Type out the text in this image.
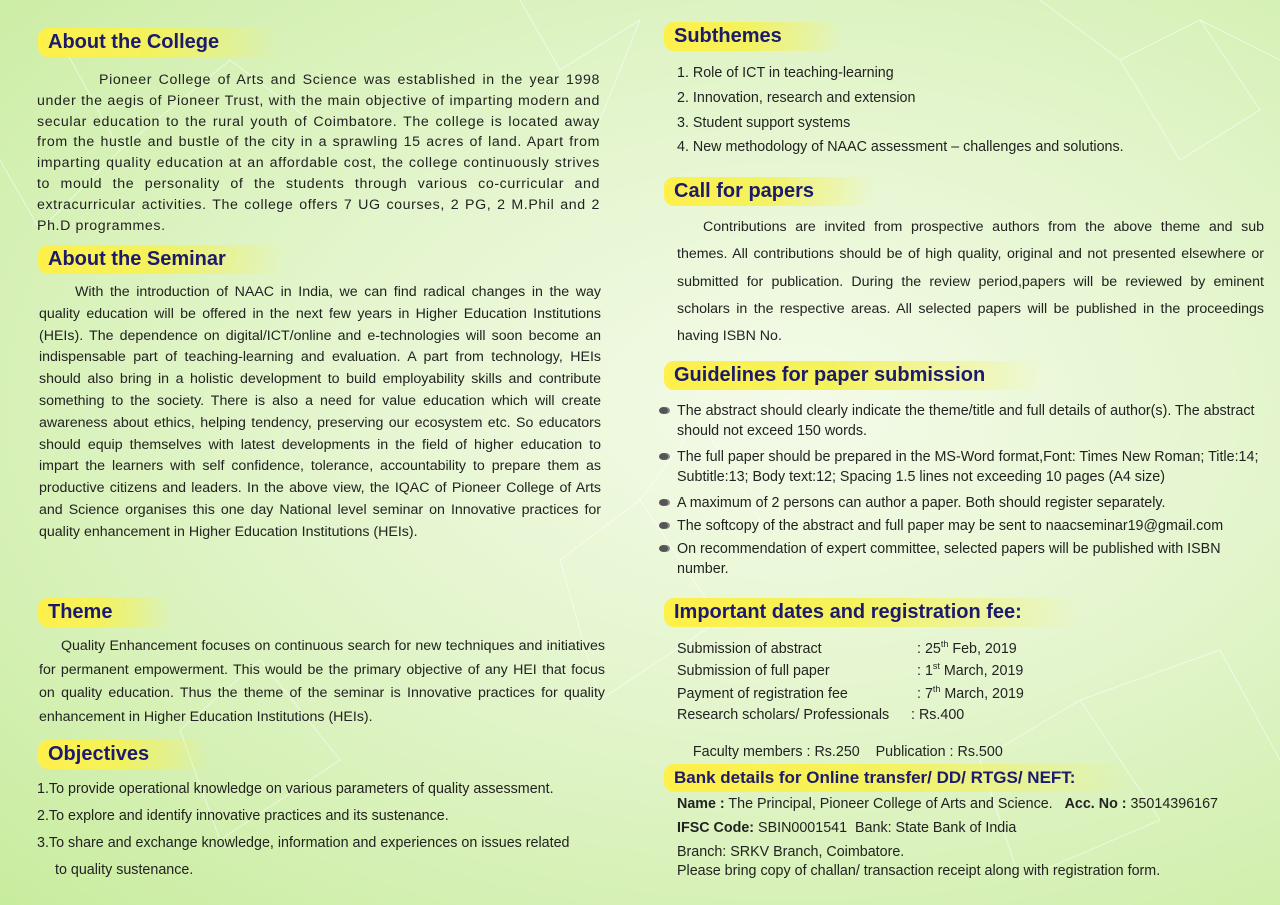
About the College

Pioneer College of Arts and Science was established in the year 1998 under the aegis of Pioneer Trust, with the main objective of imparting modern and secular education to the rural youth of Coimbatore. The college is located away from the hustle and bustle of the city in a sprawling 15 acres of land. Apart from imparting quality education at an affordable cost, the college continuously strives to mould the personality of the students through various co-curricular and extracurricular activities. The college offers 7 UG courses, 2 PG, 2 M.Phil and 2 Ph.D programmes.

About the Seminar

With the introduction of NAAC in India, we can find radical changes in the way quality education will be offered in the next few years in Higher Education Institutions (HEIs). The dependence on digital/ICT/online and e-technologies will soon become an indispensable part of teaching-learning and evaluation. A part from technology, HEIs should also bring in a holistic development to build employability skills and contribute something to the society. There is also a need for value education which will create awareness about ethics, helping tendency, preserving our ecosystem etc. So educators should equip themselves with latest developments in the field of higher education to impart the learners with self confidence, tolerance, accountability to prepare them as productive citizens and leaders. In the above view, the IQAC of Pioneer College of Arts and Science organises this one day National level seminar on Innovative practices for quality enhancement in Higher Education Institutions (HEIs).

Theme

Quality Enhancement focuses on continuous search for new techniques and initiatives for permanent empowerment. This would be the primary objective of any HEI that focus on quality education. Thus the theme of the seminar is Innovative practices for quality enhancement in Higher Education Institutions (HEIs).

Objectives
1.To provide operational knowledge on various parameters of quality assessment.
2.To explore and identify innovative practices and its sustenance.
3.To share and exchange knowledge, information and experiences on issues related
to quality sustenance.
Subthemes
1. Role of ICT in teaching-learning
2. Innovation, research and extension
3. Student support systems
4. New methodology of NAAC assessment – challenges and solutions.
Call for papers

Contributions are invited from prospective authors from the above theme and sub themes. All contributions should be of high quality, original and not presented elsewhere or submitted for publication. During the review period,papers will be reviewed by eminent scholars in the respective areas. All selected papers will be published in the proceedings having ISBN No.

Guidelines for paper submission
The abstract should clearly indicate the theme/title and full details of author(s). The abstract should not exceed 150 words.
The full paper should be prepared in the MS-Word format,Font: Times New Roman; Title:14; Subtitle:13; Body text:12; Spacing 1.5 lines not exceeding 10 pages (A4 size)
A maximum of 2 persons can author a paper. Both should register separately.
The softcopy of the abstract and full paper may be sent to naacseminar19@gmail.com
On recommendation of expert committee, selected papers will be published with ISBN number.
Important dates and registration fee:
Submission of abstract	: 25th Feb, 2019
Submission of full paper	: 1st March, 2019
Payment of registration fee	: 7th March, 2019
Research scholars/ Professionals : Rs.400

Faculty members : Rs.250    Publication : Rs.500

Bank details for Online transfer/ DD/ RTGS/ NEFT:
Name : The Principal, Pioneer College of Arts and Science. Acc. No : 35014396167
IFSC Code: SBIN0001541 Bank: State Bank of India
Branch: SRKV Branch, Coimbatore.
Please bring copy of challan/ transaction receipt along with registration form.
